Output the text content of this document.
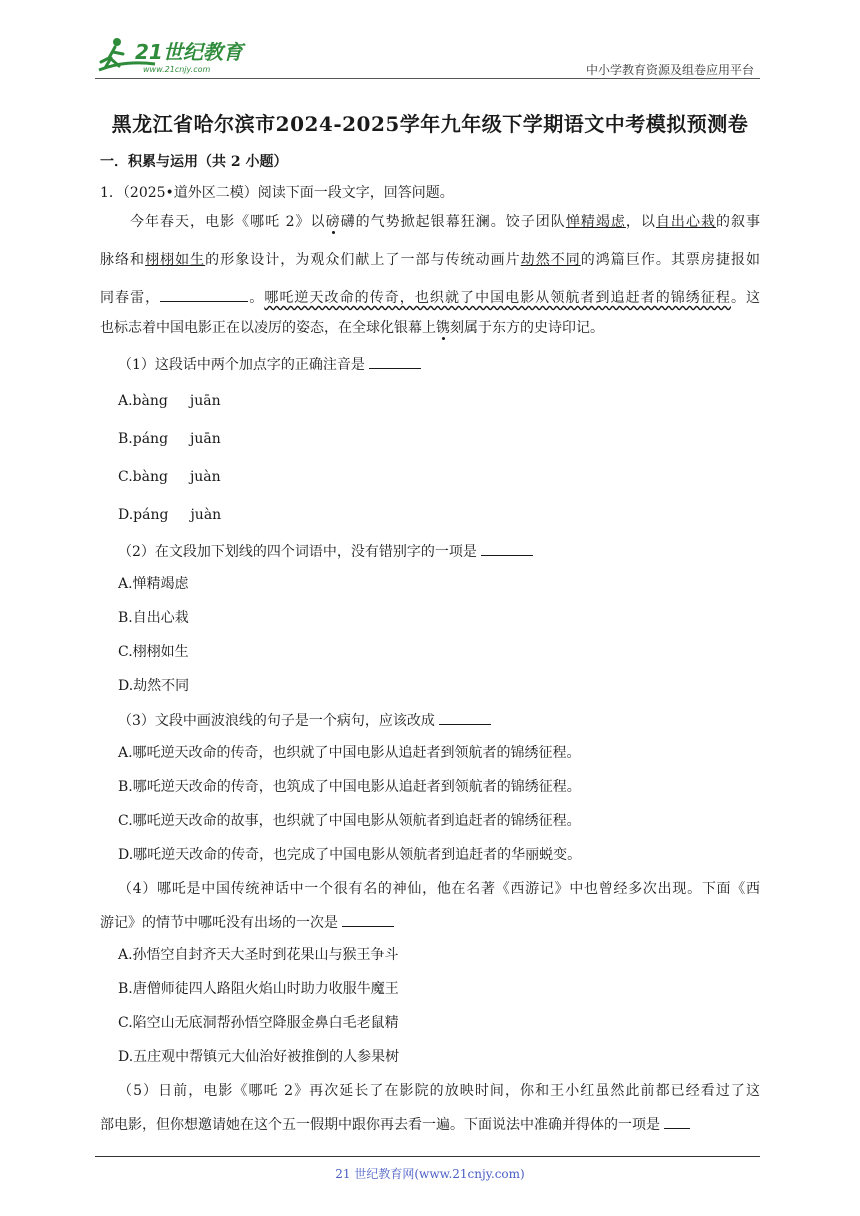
21世纪教育
www.21cnjy.com	中小学教育资源及组卷应用平台
黑龙江省哈尔滨市2024-2025学年九年级下学期语文中考模拟预测卷
一．积累与运用（共 2 小题）
1．（2025•道外区二模）阅读下面一段文字，回答问题。
今年春天，电影《哪吒 2》以磅礴的气势掀起银幕狂澜。饺子团队惮精竭虑，以自出心栽的叙事
脉络和栩栩如生的形象设计，为观众们献上了一部与传统动画片劫然不同的鸿篇巨作。其票房捷报如
同春雷，	。哪吒逆天改命的传奇，也织就了中国电影从领航者到追赶者的锦绣征程。这
也标志着中国电影正在以凌厉的姿态，在全球化银幕上镌刻属于东方的史诗印记。
（1）这段话中两个加点字的正确注音是
A.bàng juān
B.páng juān
C.bàng juàn
D.páng juàn
（2）在文段加下划线的四个词语中，没有错别字的一项是
A.惮精竭虑
B.自出心栽
C.栩栩如生
D.劫然不同
（3）文段中画波浪线的句子是一个病句，应该改成
A.哪吒逆天改命的传奇，也织就了中国电影从追赶者到领航者的锦绣征程。
B.哪吒逆天改命的传奇，也筑成了中国电影从追赶者到领航者的锦绣征程。
C.哪吒逆天改命的故事，也织就了中国电影从领航者到追赶者的锦绣征程。
D.哪吒逆天改命的传奇，也完成了中国电影从领航者到追赶者的华丽蜕变。
（4）哪吒是中国传统神话中一个很有名的神仙，他在名著《西游记》中也曾经多次出现。下面《西
游记》的情节中哪吒没有出场的一次是
A.孙悟空自封齐天大圣时到花果山与猴王争斗
B.唐僧师徒四人路阻火焰山时助力收服牛魔王
C.陷空山无底洞帮孙悟空降服金鼻白毛老鼠精
D.五庄观中帮镇元大仙治好被推倒的人参果树
（5）日前，电影《哪吒 2》再次延长了在影院的放映时间，你和王小红虽然此前都已经看过了这
部电影，但你想邀请她在这个五一假期中跟你再去看一遍。下面说法中准确并得体的一项是
21 世纪教育网(www.21cnjy.com)
